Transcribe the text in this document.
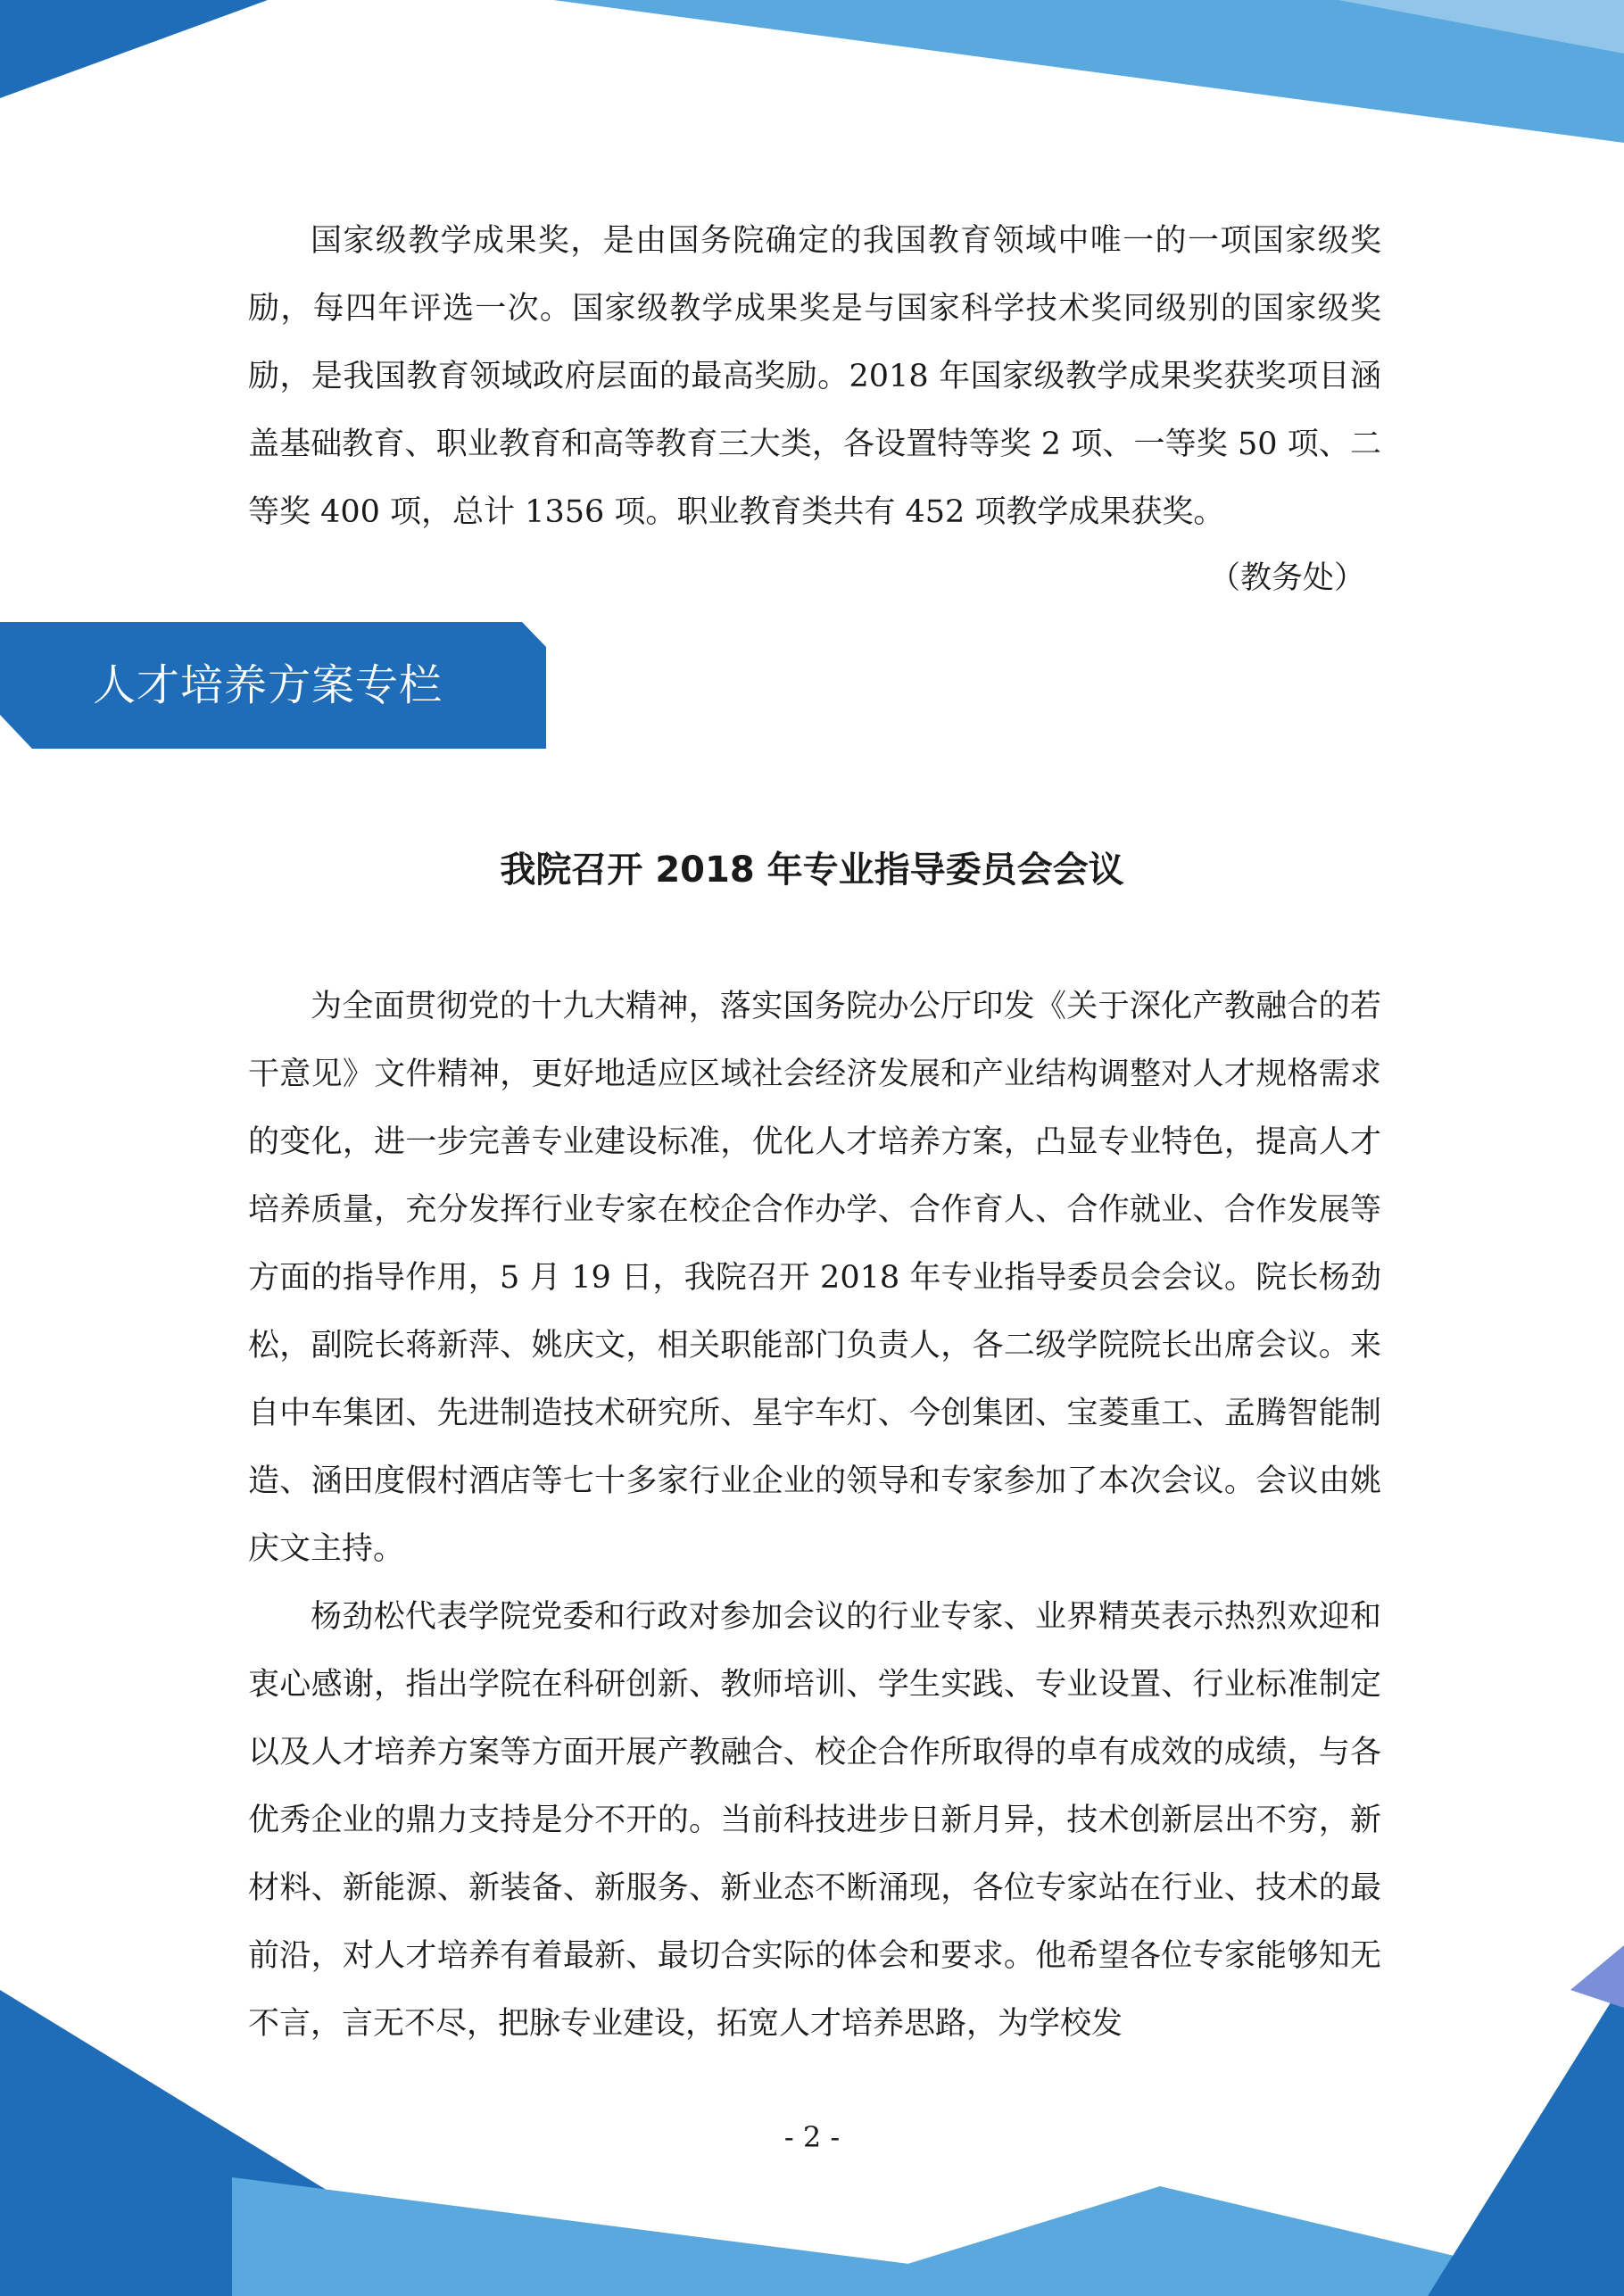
国家级教学成果奖，是由国务院确定的我国教育领域中唯一的一项国家级奖励，每四年评选一次。国家级教学成果奖是与国家科学技术奖同级别的国家级奖励，是我国教育领域政府层面的最高奖励。2018 年国家级教学成果奖获奖项目涵盖基础教育、职业教育和高等教育三大类，各设置特等奖 2 项、一等奖 50 项、二等奖 400 项，总计 1356 项。职业教育类共有 452 项教学成果获奖。

（教务处）

人才培养方案专栏
我院召开 2018 年专业指导委员会会议

为全面贯彻党的十九大精神，落实国务院办公厅印发《关于深化产教融合的若干意见》文件精神，更好地适应区域社会经济发展和产业结构调整对人才规格需求的变化，进一步完善专业建设标准，优化人才培养方案，凸显专业特色，提高人才培养质量，充分发挥行业专家在校企合作办学、合作育人、合作就业、合作发展等方面的指导作用，5 月 19 日，我院召开 2018 年专业指导委员会会议。院长杨劲松，副院长蒋新萍、姚庆文，相关职能部门负责人，各二级学院院长出席会议。来自中车集团、先进制造技术研究所、星宇车灯、今创集团、宝菱重工、孟腾智能制造、涵田度假村酒店等七十多家行业企业的领导和专家参加了本次会议。会议由姚庆文主持。

杨劲松代表学院党委和行政对参加会议的行业专家、业界精英表示热烈欢迎和衷心感谢，指出学院在科研创新、教师培训、学生实践、专业设置、行业标准制定以及人才培养方案等方面开展产教融合、校企合作所取得的卓有成效的成绩，与各优秀企业的鼎力支持是分不开的。当前科技进步日新月异，技术创新层出不穷，新材料、新能源、新装备、新服务、新业态不断涌现，各位专家站在行业、技术的最前沿，对人才培养有着最新、最切合实际的体会和要求。他希望各位专家能够知无不言，言无不尽，把脉专业建设，拓宽人才培养思路，为学校发

- 2 -
